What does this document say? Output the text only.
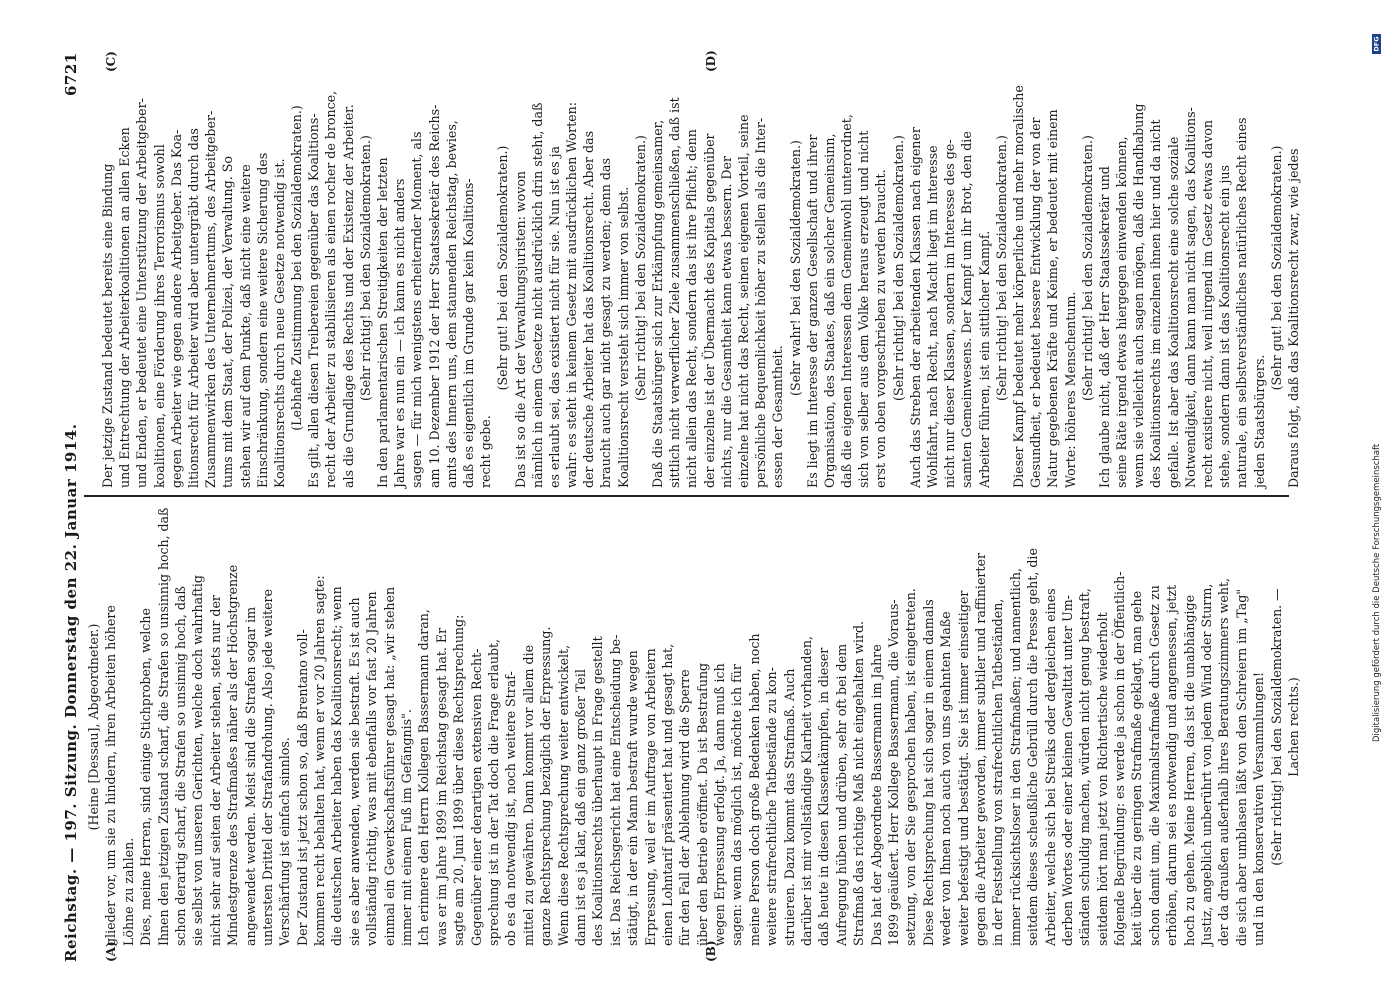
Reichstag. — 197. Sitzung. Donnerstag den 22. Januar 1914.
6721
(A)	(B)
(C)	(D)
(Heine [Dessau], Abgeordneter.) glieder vor, um sie zu hindern, ihren Arbeiten höhere Löhne zu zahlen. Dies, meine Herren, sind einige Stichproben, welche Ihnen den jetzigen Zustand scharf, die Strafen so unsinnig hoch, daß schon derartig scharf, die Strafen so unsinnig hoch, daß sie selbst von unseren Gerichten, welche doch wahrhaftig nicht sehr auf seiten der Arbeiter stehen, stets nur der Mindestgrenze des Strafmaßes näher als der Höchstgrenze angewendet werden. Meist sind die Strafen sogar im untersten Drittel der Strafandrohung. Also jede weitere Verschärfung ist einfach sinnlos. Der Zustand ist jetzt schon so, daß Brentano voll- kommen recht behalten hat, wenn er vor 20 Jahren sagte: die deutschen Arbeiter haben das Koalitionsrecht; wenn sie es aber anwenden, werden sie bestraft. Es ist auch vollständig richtig, was mit ebenfalls vor fast 20 Jahren einmal ein Gewerkschaftsführer gesagt hat: „wir stehen immer mit einem Fuß im Gefängnis". Ich erinnere den Herrn Kollegen Bassermann daran, was er im Jahre 1899 im Reichstag gesagt hat. Er sagte am 20. Juni 1899 über diese Rechtsprechung: Gegenüber einer derartigen extensiven Recht- sprechung ist in der Tat doch die Frage erlaubt, ob es da notwendig ist, noch weitere Straf- mittel zu gewähren. Dann kommt vor allem die ganze Rechtsprechung bezüglich der Erpressung. Wenn diese Rechtsprechung weiter entwickelt, dann ist es ja klar, daß ein ganz großer Teil des Koalitionsrechts überhaupt in Frage gestellt ist. Das Reichsgericht hat eine Entscheidung be- stätigt, in der ein Mann bestraft wurde wegen Erpressung, weil er im Auftrage von Arbeitern einen Lohntarif präsentiert hat und gesagt hat, für den Fall der Ablehnung wird die Sperre über den Betrieb eröffnet. Da ist Bestrafung wegen Erpressung erfolgt. Ja, dann muß ich sagen: wenn das möglich ist, möchte ich für meine Person doch große Bedenken haben, noch weitere strafrechtliche Tatbestände zu kon- struieren. Dazu kommt das Strafmaß. Auch darüber ist mir vollständige Klarheit vorhanden, daß heute in diesen Klassenkämpfen, in dieser Aufregung hüben und drüben, sehr oft bei dem Strafmaß das richtige Maß nicht eingehalten wird. Das hat der Abgeordnete Bassermann im Jahre 1899 geäußert. Herr Kollege Bassermann, die Voraus- setzung, von der Sie gesprochen haben, ist eingetreten. Diese Rechtsprechung hat sich sogar in einem damals weder von Ihnen noch auch von uns geahnten Maße weiter befestigt und bestätigt. Sie ist immer einseitiger gegen die Arbeiter geworden, immer subtiler und raffinierter in der Feststellung von strafrechtlichen Tatbeständen, immer rücksichtsloser in den Strafmaßen; und namentlich, seitdem dieses scheußliche Gebrüll durch die Presse geht, die Arbeiter, welche sich bei Streiks oder dergleichen eines derben Wortes oder einer kleinen Gewalttat unter Um- ständen schuldig machen, würden nicht genug bestraft, seitdem hört man jetzt von Richtertische wiederholt folgende Begründung: es werde ja schon in der Öffentlich- keit über die zu geringen Strafmaße geklagt, man gehe schon damit um, die Maximalstrafmaße durch Gesetz zu erhöhen, darum sei es notwendig und angemessen, jetzt hoch zu gehen. Meine Herren, das ist die unabhängige Justiz, angeblich unberührt von jedem Wind oder Sturm, der da draußen außerhalb ihres Beratungszimmers weht, die sich aber umblasen läßt von den Schreiern im „Tag" und in den konservativen Versammlungen! (Sehr richtig! bei den Sozialdemokraten. — Lachen rechts.)
Der jetzige Zustand bedeutet bereits eine Bindung und Entrechtung der Arbeiterkoalitionen an allen Ecken und Enden, er bedeutet eine Unterstützung der Arbeitgeber- koalitionen, eine Förderung ihres Terrorismus sowohl gegen Arbeiter wie gegen andere Arbeitgeber. Das Koa- litionsrecht für Arbeiter wird aber untergräbt durch das Zusammenwirken des Unternehmertums, des Arbeitgeber- tums mit dem Staat, der Polizei, der Verwaltung. So stehen wir auf dem Punkte, daß nicht eine weitere Einschränkung, sondern eine weitere Sicherung des Koalitionsrechts durch neue Gesetze notwendig ist. (Lebhafte Zustimmung bei den Sozialdemokraten.) Es gilt, allen diesen Treibereien gegenüber das Koalitions- recht der Arbeiter zu stabilisieren als einen rocher de bronce, als die Grundlage des Rechts und der Existenz der Arbeiter. (Sehr richtig! bei den Sozialdemokraten.) In den parlamentarischen Streitigkeiten der letzten Jahre war es nun ein — ich kann es nicht anders sagen — für mich wenigstens erheiternder Moment, als am 10. Dezember 1912 der Herr Staatssekretär des Reichs- amts des Innern uns, dem staunenden Reichstag, bewies, daß es eigentlich im Grunde gar kein Koalitions- recht gebe.
(Sehr gut! bei den Sozialdemokraten.) Das ist so die Art der Verwaltungsjuristen: wovon nämlich in einem Gesetze nicht ausdrücklich drin steht, daß es erlaubt sei, das existiert nicht für sie. Nun ist es ja wahr: es steht in keinem Gesetz mit ausdrücklichen Worten: der deutsche Arbeiter hat das Koalitionsrecht. Aber das braucht auch gar nicht gesagt zu werden; denn das Koalitionsrecht versteht sich immer von selbst. (Sehr richtig! bei den Sozialdemokraten.) Daß die Staatsbürger sich zur Erkämpfung gemeinsamer, sittlich nicht verwerflicher Ziele zusammenschließen, daß ist nicht allein das Recht, sondern das ist ihre Pflicht; denn der einzelne ist der Übermacht des Kapitals gegenüber nichts, nur die Gesamtheit kann etwas bessern. Der einzelne hat nicht das Recht, seinen eigenen Vorteil, seine persönliche Bequemlichkeit höher zu stellen als die Inter- essen der Gesamtheit.
(Sehr wahr! bei den Sozialdemokraten.) Es liegt im Interesse der ganzen Gesellschaft und ihrer Organisation, des Staates, daß ein solcher Gemeinsinn, daß die eigenen Interessen dem Gemeinwohl unterordnet, sich von selber aus dem Volke heraus erzeugt und nicht erst von oben vorgeschrieben zu werden braucht. (Sehr richtig! bei den Sozialdemokraten.) Auch das Streben der arbeitenden Klassen nach eigener Wohlfahrt, nach Recht, nach Macht liegt im Interesse nicht nur dieser Klassen, sondern im Interesse des ge- samten Gemeinwesens. Der Kampf um ihr Brot, den die Arbeiter führen, ist ein sittlicher Kampf. (Sehr richtig! bei den Sozialdemokraten.) Dieser Kampf bedeutet mehr körperliche und mehr moralische Gesundheit, er bedeutet bessere Entwicklung der von der Natur gegebenen Kräfte und Keime, er bedeutet mit einem Worte: höheres Menschentum. (Sehr richtig! bei den Sozialdemokraten.) Ich glaube nicht, daß der Herr Staatssekretär und seine Räte irgend etwas hiergegen einwenden können, wenn sie vielleicht auch sagen mögen, daß die Handhabung des Koalitionsrechts im einzelnen ihnen hier und da nicht gefalle. Ist aber das Koalitionsrecht eine solche soziale Notwendigkeit, dann kann man nicht sagen, das Koalitions- recht existiere nicht, weil nirgend im Gesetz etwas davon stehe, sondern dann ist das Koalitionsrecht ein jus naturale, ein selbstverständliches natürliches Recht eines jeden Staatsbürgers.
(Sehr gut! bei den Sozialdemokraten.) Daraus folgt, daß das Koalitionsrecht zwar, wie jedes
Digitalisierung gefördert durch die Deutsche Forschungsgemeinschaft
DFG
